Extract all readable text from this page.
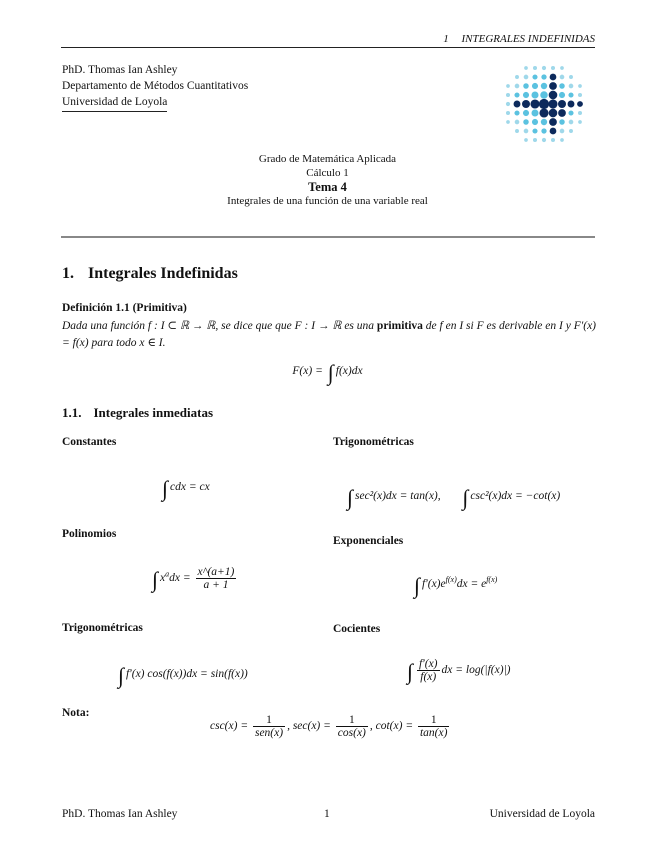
1 INTEGRALES INDEFINIDAS
PhD. Thomas Ian Ashley
Departamento de Métodos Cuantitativos
Universidad de Loyola
Grado de Matemática Aplicada
Cálculo 1
Tema 4
Integrales de una función de una variable real
1. Integrales Indefinidas
Definición 1.1 (Primitiva)
Dada una función f : I ⊂ ℝ → ℝ, se dice que que F : I → ℝ es una primitiva de f en I si F es derivable en I y F′(x) = f(x) para todo x ∈ I.
F(x) = ∫ f(x)dx
1.1. Integrales inmediatas
Constantes
∫ cdx = cx
Trigonométricas
∫ sec²(x)dx = tan(x), ∫ csc²(x)dx = −cot(x)
Polinomios
∫ $x^adx = \frac{x\^{}(a+1)}{a + 1}$
Exponenciales
∫ $f'(x)e^{f(x)}dx = e^{f(x)}$
Trigonométricas
∫ f′(x) cos(f(x))dx = sin(f(x))
Cocientes
∫ $\frac{f'(x)}{f(x)}$ dx = log(|f(x)|)
Nota:
$\csc(x) = \frac{1}{\text{sen(x)}}$ , $\sec(x) = \frac{1}{\cos(x)}$ , $\cot(x) = \frac{1}{\tan(x)}$
PhD. Thomas Ian Ashley	1	Universidad de Loyola
